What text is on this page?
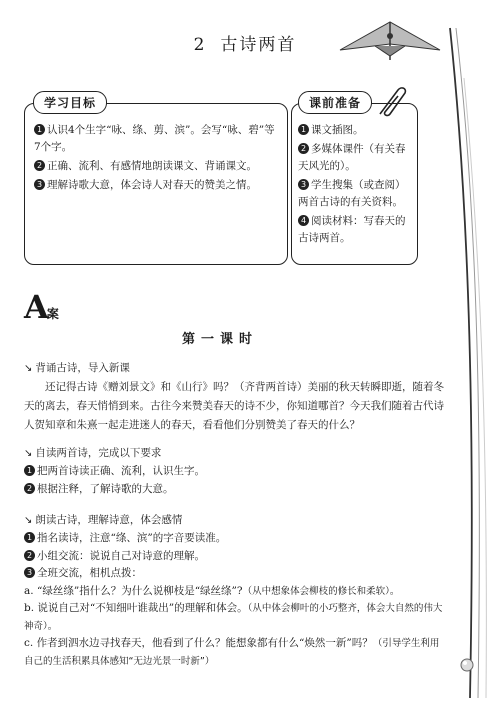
2 古诗两首
学习目标
1 认识4个生字“咏、绦、剪、滨”。会写“咏、碧”等7个字。
2 正确、流利、有感情地朗读课文、背诵课文。
3 理解诗歌大意，体会诗人对春天的赞美之情。
课前准备
1 课文插图。
2 多媒体课件（有关春天风光的）。
3 学生搜集（或查阅）两首古诗的有关资料。
4 阅读材料：写春天的古诗两首。
A案
第一课时
↘ 背诵古诗，导入新课
还记得古诗《赠刘景文》和《山行》吗？（齐背两首诗）美丽的秋天转瞬即逝，随着冬天的离去，春天悄悄到来。古往今来赞美春天的诗不少，你知道哪首？今天我们随着古代诗人贺知章和朱熹一起走进迷人的春天，看看他们分别赞美了春天的什么？
↘ 自读两首诗，完成以下要求
1 把两首诗读正确、流利，认识生字。
2 根据注释，了解诗歌的大意。
↘ 朗读古诗，理解诗意，体会感情
1 指名读诗，注意“绦、滨”的字音要读准。
2 小组交流：说说自己对诗意的理解。
3 全班交流，相机点拨：
a. “绿丝绦”指什么？为什么说柳枝是“绿丝绦”?（从中想象体会柳枝的修长和柔软）。
b. 说说自己对“不知细叶谁裁出”的理解和体会。（从中体会柳叶的小巧整齐，体会大自然的伟大神奇）。
c. 作者到泗水边寻找春天，他看到了什么？能想象都有什么“焕然一新”吗？（引导学生利用自己的生活积累具体感知“无边光景一时新”）
